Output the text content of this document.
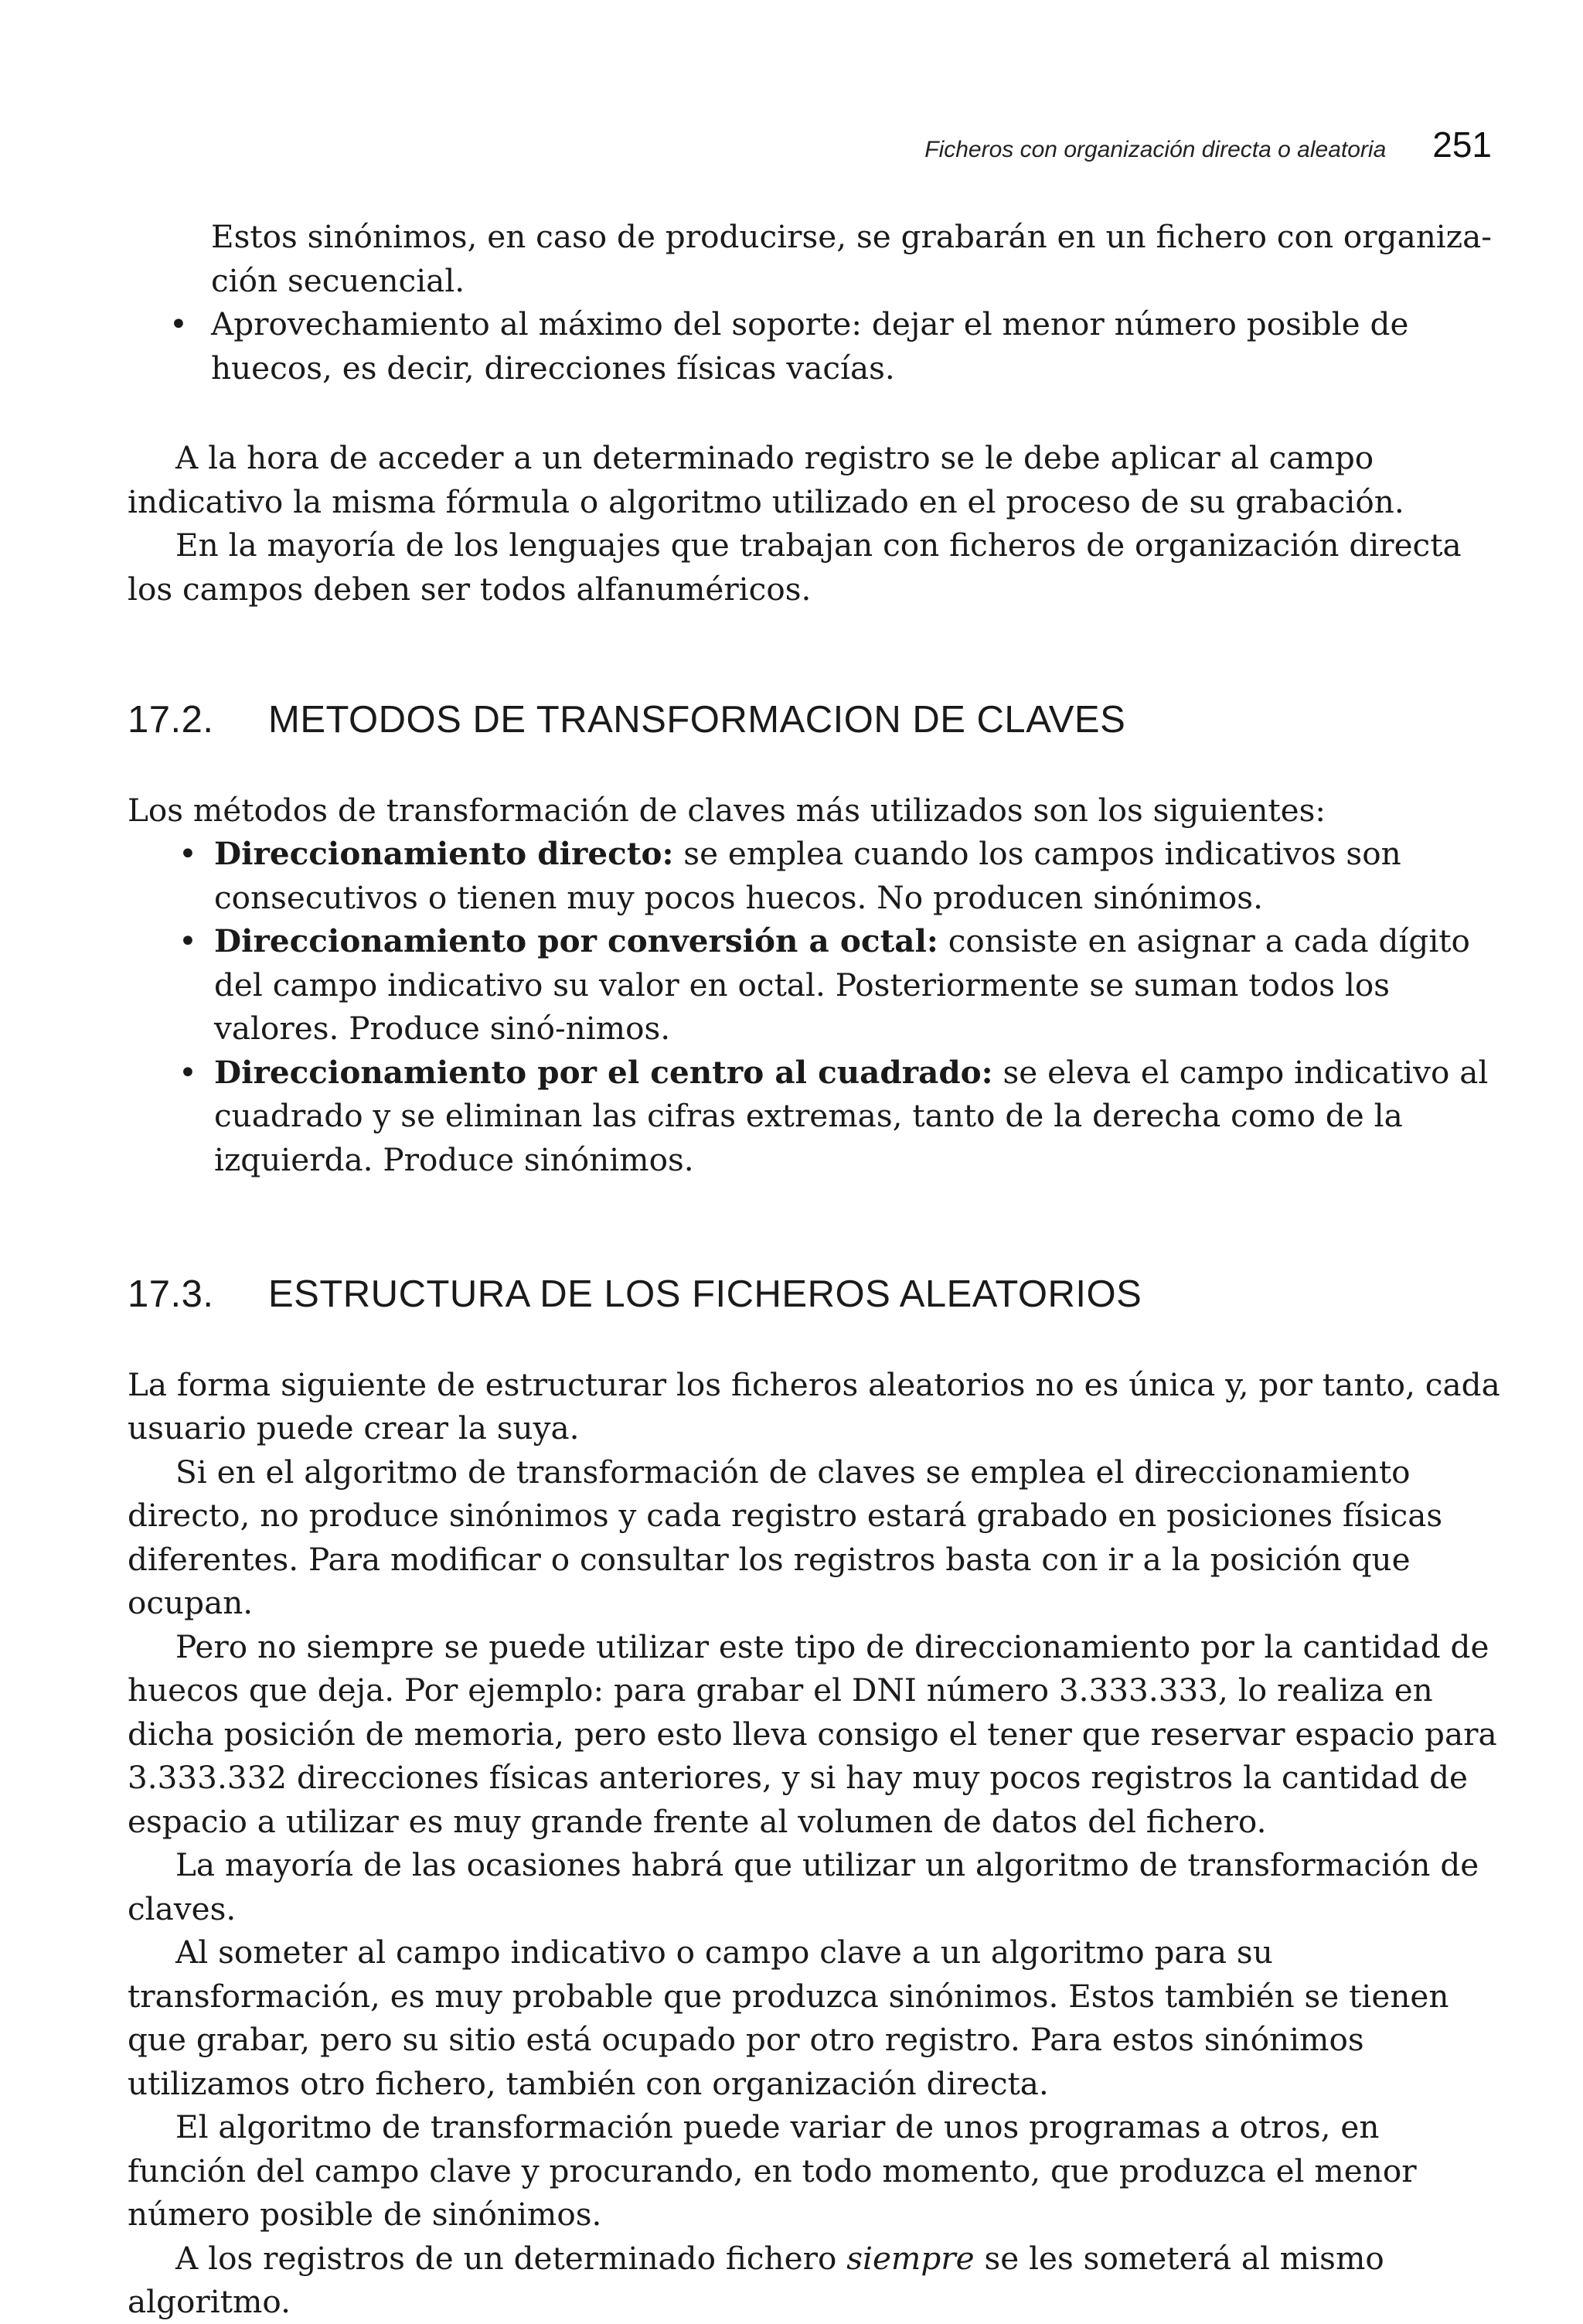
Ficheros con organización directa o aleatoria 251
Estos sinónimos, en caso de producirse, se grabarán en un fichero con organiza-ción secuencial.
• Aprovechamiento al máximo del soporte: dejar el menor número posible de huecos, es decir, direcciones físicas vacías.

A la hora de acceder a un determinado registro se le debe aplicar al campo indicativo la misma fórmula o algoritmo utilizado en el proceso de su grabación.

En la mayoría de los lenguajes que trabajan con ficheros de organización directa los campos deben ser todos alfanuméricos.

17.2.	METODOS DE TRANSFORMACION DE CLAVES

Los métodos de transformación de claves más utilizados son los siguientes:

• Direccionamiento directo: se emplea cuando los campos indicativos son consecutivos o tienen muy pocos huecos. No producen sinónimos.
• Direccionamiento por conversión a octal: consiste en asignar a cada dígito del campo indicativo su valor en octal. Posteriormente se suman todos los valores. Produce sinó-nimos.
• Direccionamiento por el centro al cuadrado: se eleva el campo indicativo al cuadrado y se eliminan las cifras extremas, tanto de la derecha como de la izquierda. Produce sinónimos.
17.3.	ESTRUCTURA DE LOS FICHEROS ALEATORIOS

La forma siguiente de estructurar los ficheros aleatorios no es única y, por tanto, cada usuario puede crear la suya.

Si en el algoritmo de transformación de claves se emplea el direccionamiento directo, no produce sinónimos y cada registro estará grabado en posiciones físicas diferentes. Para modificar o consultar los registros basta con ir a la posición que ocupan.

Pero no siempre se puede utilizar este tipo de direccionamiento por la cantidad de huecos que deja. Por ejemplo: para grabar el DNI número 3.333.333, lo realiza en dicha posición de memoria, pero esto lleva consigo el tener que reservar espacio para 3.333.332 direcciones físicas anteriores, y si hay muy pocos registros la cantidad de espacio a utilizar es muy grande frente al volumen de datos del fichero.

La mayoría de las ocasiones habrá que utilizar un algoritmo de transformación de claves.

Al someter al campo indicativo o campo clave a un algoritmo para su transformación, es muy probable que produzca sinónimos. Estos también se tienen que grabar, pero su sitio está ocupado por otro registro. Para estos sinónimos utilizamos otro fichero, también con organización directa.

El algoritmo de transformación puede variar de unos programas a otros, en función del campo clave y procurando, en todo momento, que produzca el menor número posible de sinónimos.

A los registros de un determinado fichero siempre se les someterá al mismo algoritmo.
